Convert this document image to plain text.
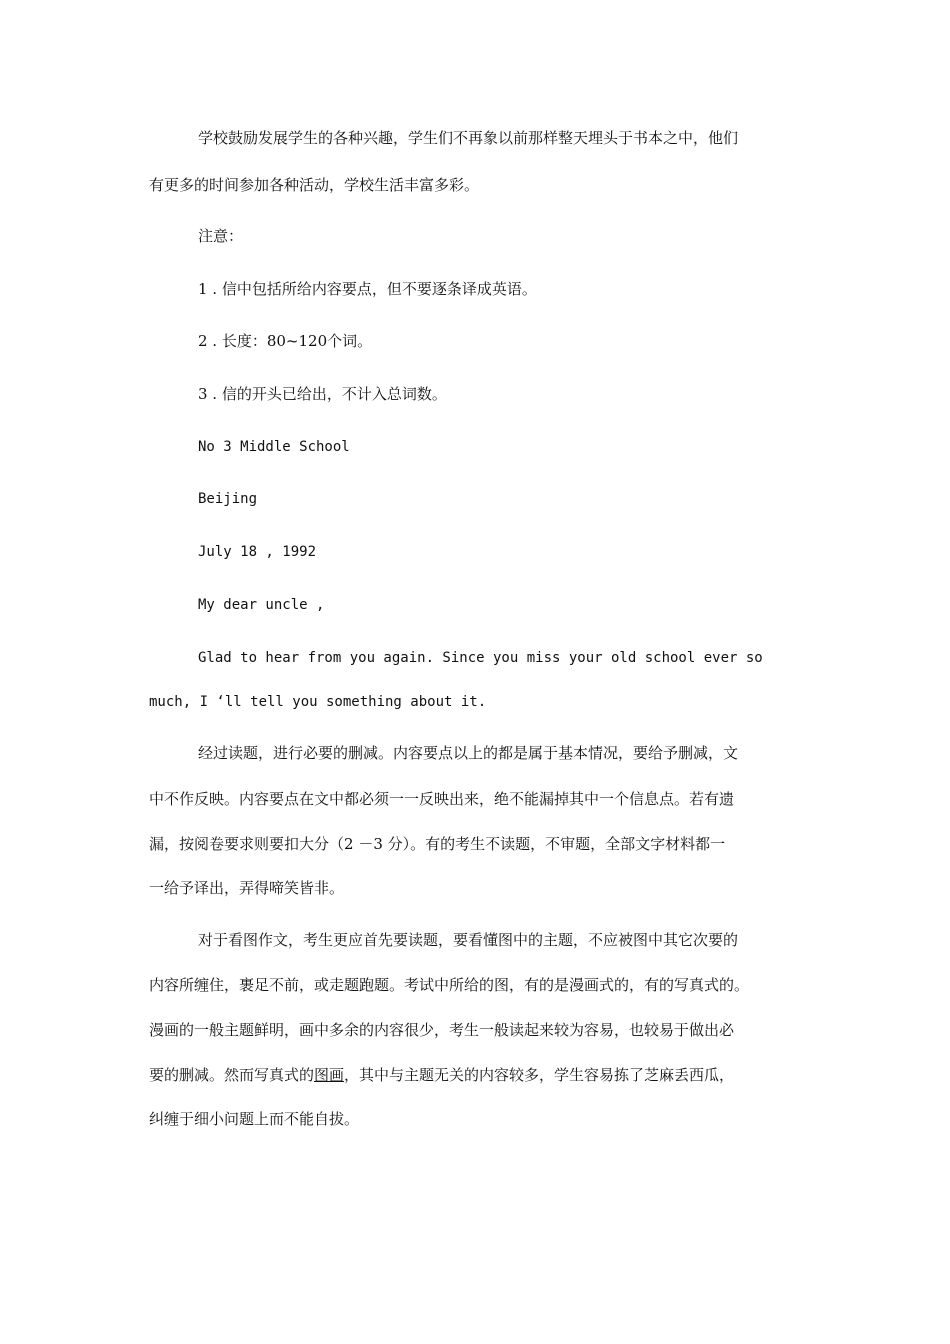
学校鼓励发展学生的各种兴趣，学生们不再象以前那样整天埋头于书本之中，他们
有更多的时间参加各种活动，学校生活丰富多彩。
注意：
1 . 信中包括所给内容要点，但不要逐条译成英语。
2 . 长度：80~120个词。
3 . 信的开头已给出，不计入总词数。
No 3 Middle School
Beijing
July 18 , 1992
My dear uncle ,
Glad to hear from you again. Since you miss your old school ever so
much, I ‘ll tell you something about it.
经过读题，进行必要的删减。内容要点以上的都是属于基本情况，要给予删减，文
中不作反映。内容要点在文中都必须一一反映出来，绝不能漏掉其中一个信息点。若有遗
漏，按阅卷要求则要扣大分（2 －3 分）。有的考生不读题，不审题，全部文字材料都一
一给予译出，弄得啼笑皆非。
对于看图作文，考生更应首先要读题，要看懂图中的主题，不应被图中其它次要的
内容所缠住，裹足不前，或走题跑题。考试中所给的图，有的是漫画式的，有的写真式的。
漫画的一般主题鲜明，画中多余的内容很少，考生一般读起来较为容易，也较易于做出必
要的删减。然而写真式的图画，其中与主题无关的内容较多，学生容易拣了芝麻丢西瓜，
纠缠于细小问题上而不能自拔。
